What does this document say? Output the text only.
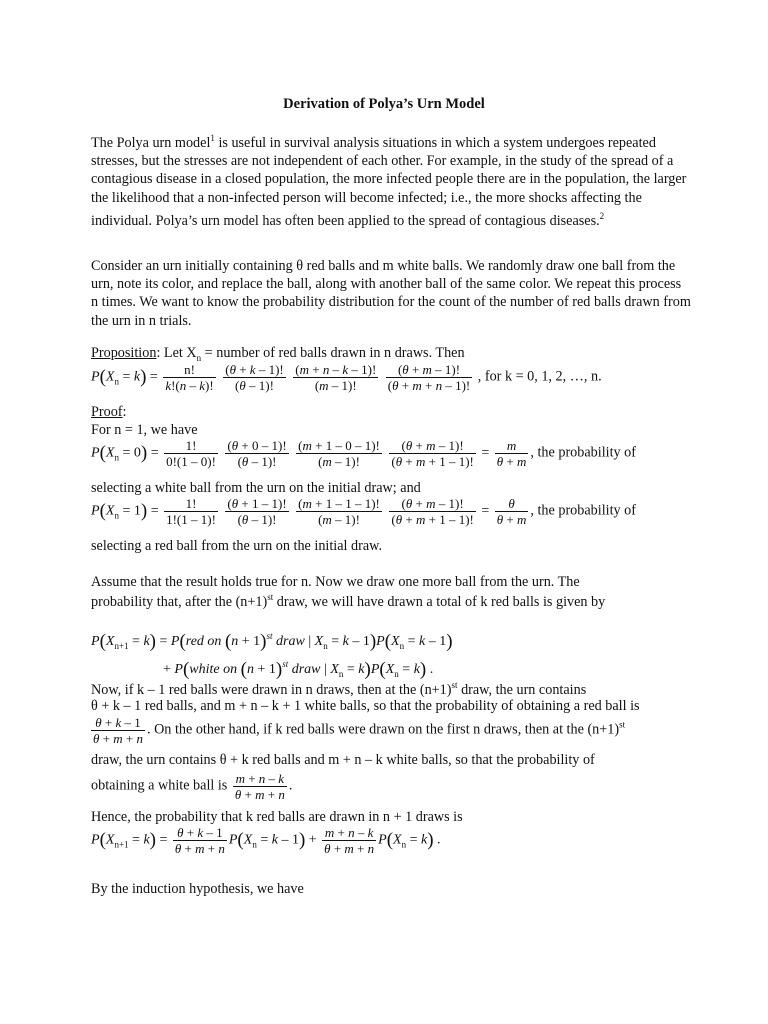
Derivation of Polya’s Urn Model
The Polya urn model$^1$ is useful in survival analysis situations in which a system undergoes repeated stresses, but the stresses are not independent of each other. For example, in the study of the spread of a contagious disease in a closed population, the more infected people there are in the population, the larger the likelihood that a non-infected person will become infected; i.e., the more shocks affecting the individual. Polya’s urn model has often been applied to the spread of contagious diseases.$^2$
Consider an urn initially containing θ red balls and m white balls. We randomly draw one ball from the urn, note its color, and replace the ball, along with another ball of the same color. We repeat this process n times. We want to know the probability distribution for the count of the number of red balls drawn from the urn in n trials.
Proposition: Let $X_n$ = number of red balls drawn in n draws. Then
$P(X_n = k) = \frac{n!}{k!(n - k)!}$
$\frac{(\theta + k - 1)!}{(\theta - 1)!}$
$\frac{(m + n - k - 1)!}{(m - 1)!}$
$\frac{(\theta + m - 1)!}{(\theta + m + n - 1)!}$ , for k = 0, 1, 2, …, n.
Proof:
For n = 1, we have
$P(X_n = 0) = \frac{1!}{0!(1 - 0)!}$
$\frac{(\theta + 0 - 1)!}{(\theta - 1)!}$
$\frac{(m + 1 - 0 - 1)!}{(m - 1)!}$
$\frac{(\theta + m - 1)!}{(\theta + m + 1 - 1)!} = \frac{m}{\theta + m}$ , the probability of
selecting a white ball from the urn on the initial draw; and
$P(X_n = 1) = \frac{1!}{1!(1 - 1)!}$
$\frac{(\theta + 1 - 1)!}{(\theta - 1)!}$
$\frac{(m + 1 - 1 - 1)!}{(m - 1)!}$
$\frac{(\theta + m - 1)!}{(\theta + m + 1 - 1)!} = \frac{\theta}{\theta + m}$ , the probability of
selecting a red ball from the urn on the initial draw.
Assume that the result holds true for n. Now we draw one more ball from the urn. The
probability that, after the $(n+1)^{st}$ draw, we will have drawn a total of k red balls is given by
$P(X_{n+1} = k) = P(red$ on $(n + 1)^{st}$ draw | $X_n = k - 1)P(X_n = k - 1)$
+ P(white on $(n + 1)^{st}$ draw | $X_n = k)P(X_n = k)$ .
Now, if k – 1 red balls were drawn in n draws, then at the $(n+1)^{st}$ draw, the urn contains
θ + k – 1 red balls, and m + n – k + 1 white balls, so that the probability of obtaining a red ball is
$\frac{\theta + k - 1}{\theta + m + n}$ . On the other hand, if k red balls were drawn on the first n draws, then at the $(n+1)^{st}$
draw, the urn contains θ + k red balls and m + n – k white balls, so that the probability of
obtaining a white ball is $\frac{m + n - k}{\theta + m + n}$ .
Hence, the probability that k red balls are drawn in n + 1 draws is
$P(X_{n+1} = k) = \frac{\theta + k - 1}{\theta + m + n} P(X_n = k - 1) + \frac{m + n - k}{\theta + m + n} P(X_n = k)$ .
By the induction hypothesis, we have
